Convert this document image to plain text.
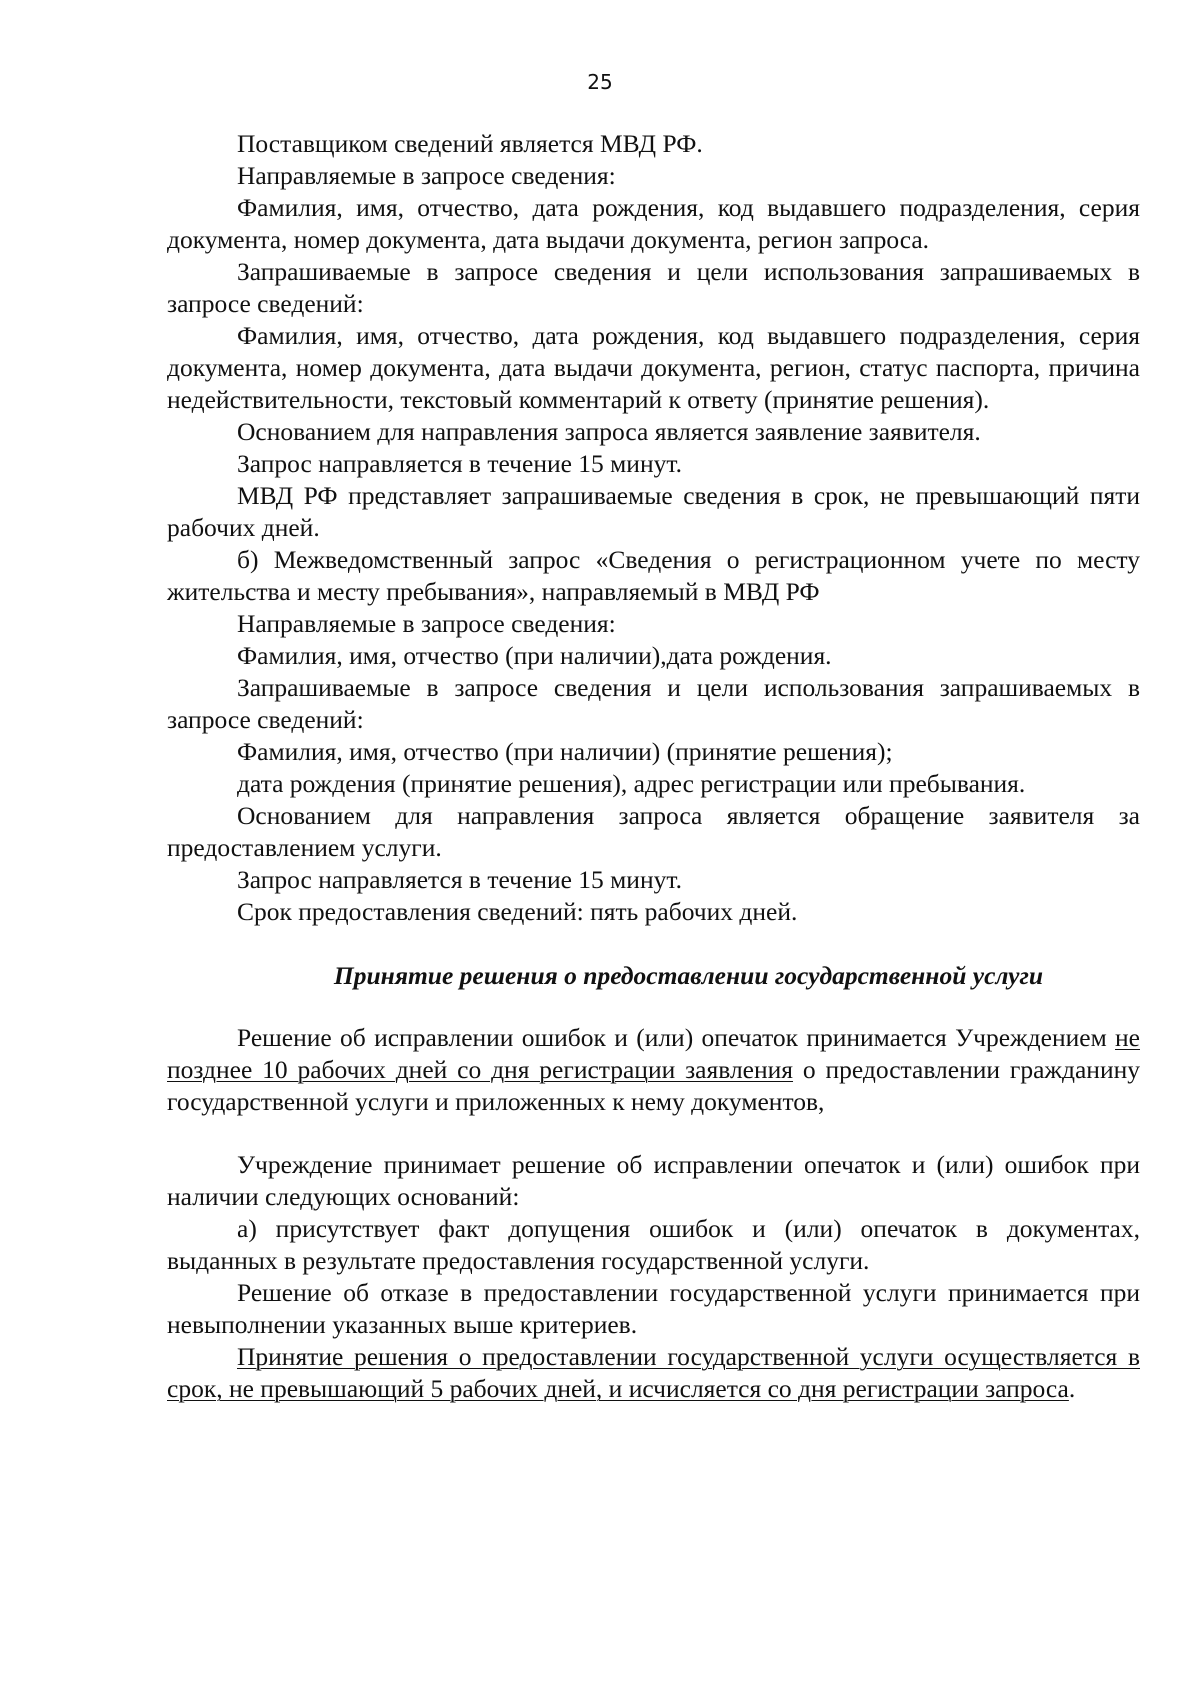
25

Поставщиком сведений является МВД РФ.

Направляемые в запросе сведения:

Фамилия, имя, отчество, дата рождения, код выдавшего подразделения, серия документа, номер документа, дата выдачи документа, регион запроса.

Запрашиваемые в запросе сведения и цели использования запрашиваемых в запросе сведений:

Фамилия, имя, отчество, дата рождения, код выдавшего подразделения, серия документа, номер документа, дата выдачи документа, регион, статус паспорта, причина недействительности, текстовый комментарий к ответу (принятие решения).

Основанием для направления запроса является заявление заявителя.

Запрос направляется в течение 15 минут.

МВД РФ представляет запрашиваемые сведения в срок, не превышающий пяти рабочих дней.

б) Межведомственный запрос «Сведения о регистрационном учете по месту жительства и месту пребывания», направляемый в МВД РФ

Направляемые в запросе сведения:

Фамилия, имя, отчество (при наличии),дата рождения.

Запрашиваемые в запросе сведения и цели использования запрашиваемых в запросе сведений:

Фамилия, имя, отчество (при наличии) (принятие решения);

дата рождения (принятие решения), адрес регистрации или пребывания.

Основанием для направления запроса является обращение заявителя за предоставлением услуги.

Запрос направляется в течение 15 минут.

Срок предоставления сведений: пять рабочих дней.

Принятие решения о предоставлении государственной услуги

Решение об исправлении ошибок и (или) опечаток принимается Учреждением не позднее 10 рабочих дней со дня регистрации заявления о предоставлении гражданину государственной услуги и приложенных к нему документов,

Учреждение принимает решение об исправлении опечаток и (или) ошибок при наличии следующих оснований:

а) присутствует факт допущения ошибок и (или) опечаток в документах, выданных в результате предоставления государственной услуги.

Решение об отказе в предоставлении государственной услуги принимается при невыполнении указанных выше критериев.

Принятие решения о предоставлении государственной услуги осуществляется в срок, не превышающий 5 рабочих дней, и исчисляется со дня регистрации запроса.
